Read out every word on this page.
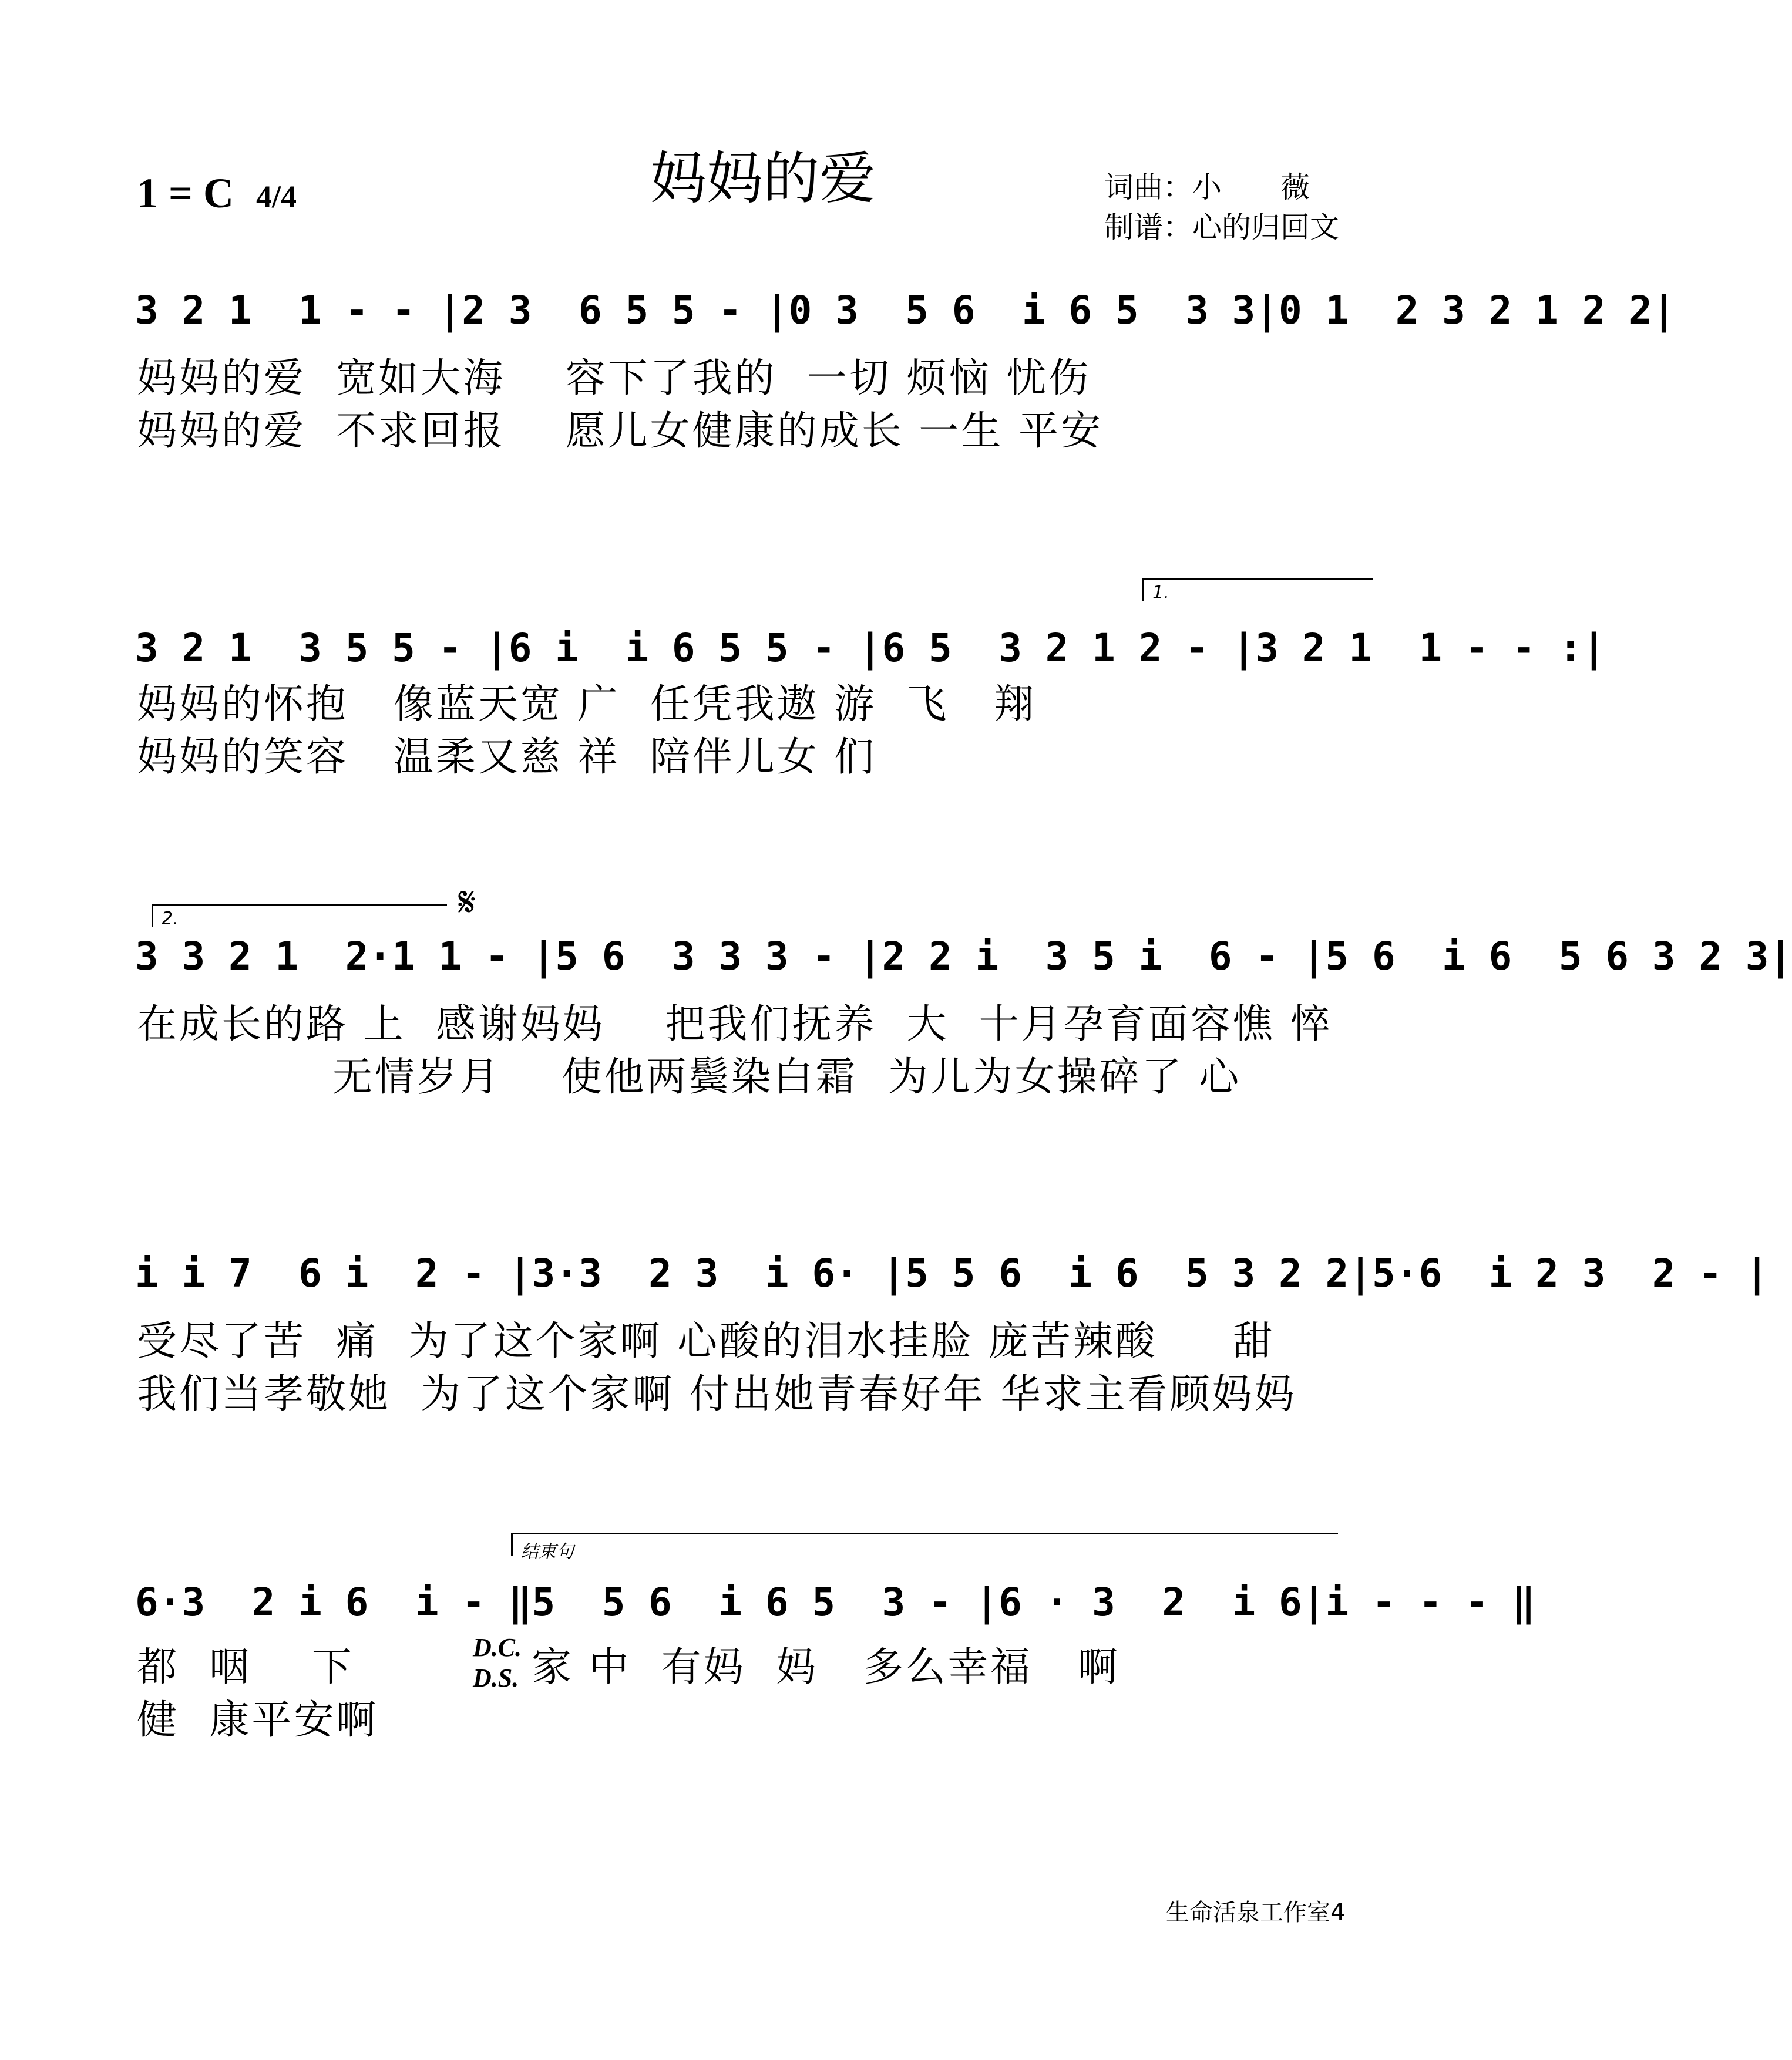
妈妈的爱
1 = C 4/4	词曲：小　　薇
制谱：心的归回文
3 2 1  1 - - |2 3  6 5 5 - |0 3  5 6  i 6 5  3 3|0 1  2 3 2 1 2 2|
妈妈的爱  宽如大海    容下了我的  一切 烦恼 忧伤
妈妈的爱  不求回报    愿儿女健康的成长 一生 平安
1.
3 2 1  3 5 5 - |6 i  i 6 5 5 - |6 5  3 2 1 2 - |3 2 1  1 - - :|
妈妈的怀抱   像蓝天宽 广  任凭我遨 游  飞   翔
妈妈的笑容   温柔又慈 祥  陪伴儿女 们
2.	𝄋
3 3 2 1  2·1 1 - |5 6  3 3 3 - |2 2 i  3 5 i  6 - |5 6  i 6  5 6 3 2 3|
在成长的路 上  感谢妈妈    把我们抚养  大  十月孕育面容憔 悴
无情岁月    使他两鬓染白霜  为儿为女操碎了 心
i i 7  6 i  2 - |3·3  2 3  i 6· |5 5 6  i 6  5 3 2 2|5·6  i 2 3  2 - |
受尽了苦  痛  为了这个家啊 心酸的泪水挂脸 庞苦辣酸     甜
我们当孝敬她  为了这个家啊 付出她青春好年 华求主看顾妈妈
结束句
6·3  2 i 6  i - ‖5  5 6  i 6 5  3 - |6 · 3  2  i 6|i - - - ‖
都  咽    下
健  康平安啊
D.C.
D.S. 家 中  有妈  妈   多么幸福   啊
生命活泉工作室4
